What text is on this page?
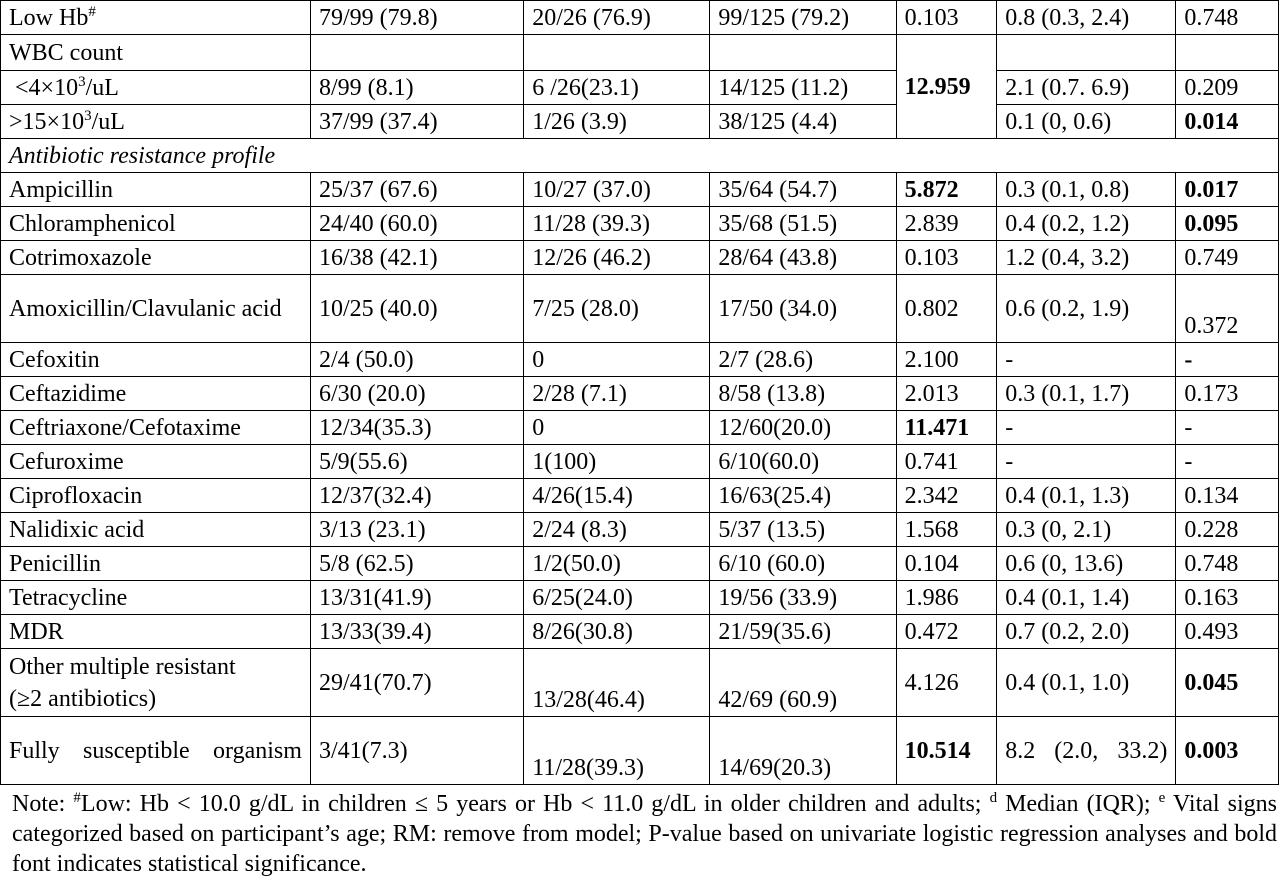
Low Hb#	79/99 (79.8)	20/26 (76.9)	99/125 (79.2)	0.103	0.8 (0.3, 2.4)	0.748
WBC count				12.959		
$<4\times 10^3/uL$	8/99 (8.1)	6 /26(23.1)	14/125 (11.2)		2.1 (0.7. 6.9)	0.209
$>15\times 10^3/uL$	37/99 (37.4)	1/26 (3.9)	38/125 (4.4)		0.1 (0, 0.6)	0.014
Antibiotic resistance profile						
Ampicillin	25/37 (67.6)	10/27 (37.0)	35/64 (54.7)	5.872	0.3 (0.1, 0.8)	0.017
Chloramphenicol	24/40 (60.0)	11/28 (39.3)	35/68 (51.5)	2.839	0.4 (0.2, 1.2)	0.095
Cotrimoxazole	16/38 (42.1)	12/26 (46.2)	28/64 (43.8)	0.103	1.2 (0.4, 3.2)	0.749
Amoxicillin/Clavulanic acid	10/25 (40.0)	7/25 (28.0)	17/50 (34.0)	0.802	0.6 (0.2, 1.9)	0.372
Cefoxitin	2/4 (50.0)	0	2/7 (28.6)	2.100	-	-
Ceftazidime	6/30 (20.0)	2/28 (7.1)	8/58 (13.8)	2.013	0.3 (0.1, 1.7)	0.173
Ceftriaxone/Cefotaxime	12/34(35.3)	0	12/60(20.0)	11.471	-	-
Cefuroxime	5/9(55.6)	1(100)	6/10(60.0)	0.741	-	-
Ciprofloxacin	12/37(32.4)	4/26(15.4)	16/63(25.4)	2.342	0.4 (0.1, 1.3)	0.134
Nalidixic acid	3/13 (23.1)	2/24 (8.3)	5/37 (13.5)	1.568	0.3 (0, 2.1)	0.228
Penicillin	5/8 (62.5)	1/2(50.0)	6/10 (60.0)	0.104	0.6 (0, 13.6)	0.748
Tetracycline	13/31(41.9)	6/25(24.0)	19/56 (33.9)	1.986	0.4 (0.1, 1.4)	0.163
MDR	13/33(39.4)	8/26(30.8)	21/59(35.6)	0.472	0.7 (0.2, 2.0)	0.493
Other multiple resistant
(≥2 antibiotics)	29/41(70.7)	13/28(46.4)	42/69 (60.9)	4.126	0.4 (0.1, 1.0)	0.045
Fully susceptible organism	3/41(7.3)	11/28(39.3)	14/69(20.3)	10.514	8.2 (2.0, 33.2)	0.003
Note: #Low: Hb < 10.0 g/dL in children ≤ 5 years or Hb < 11.0 g/dL in older children and adults; $^d$ Median (IQR); $^e$ Vital signs categorized based on participant’s age; RM: remove from model; P-value based on univariate logistic regression analyses and bold font indicates statistical significance.
